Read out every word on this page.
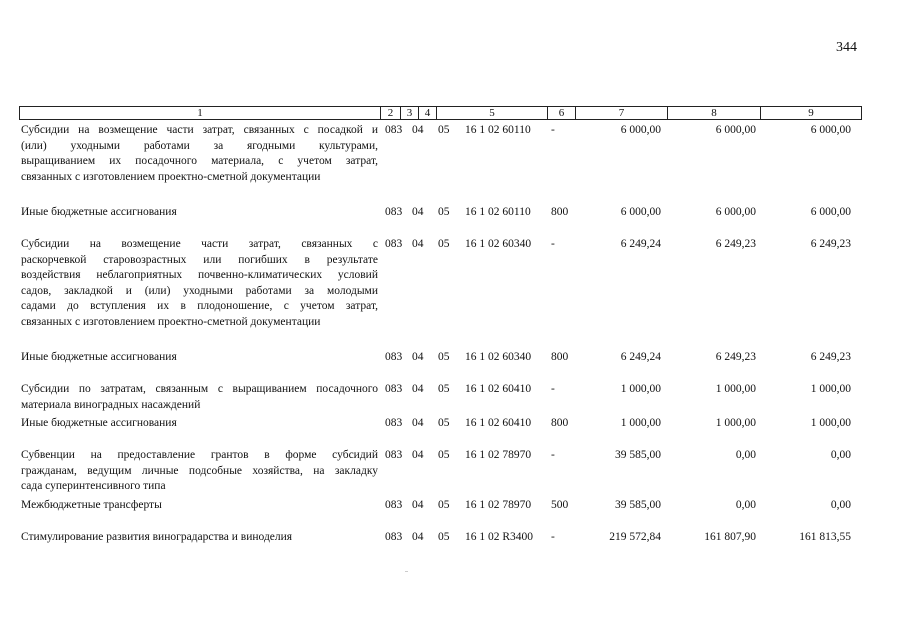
344
1	2	3	4	5	6	7	8	9
Субсидии на возмещение части затрат, связанных с посадкой и
(или) уходными работами за ягодными культурами,
выращиванием их посадочного материала, с учетом затрат,
связанных с изготовлением проектно-сметной документации
083 04 05 16 1 02 60110 -	6 000,00	6 000,00	6 000,00
Иные бюджетные ассигнования	083 04 05 16 1 02 60110 800	6 000,00	6 000,00	6 000,00
Субсидии на возмещение части затрат, связанных с
раскорчевкой старовозрастных или погибших в результате
воздействия неблагоприятных почвенно-климатических условий
садов, закладкой и (или) уходными работами за молодыми
садами до вступления их в плодоношение, с учетом затрат,
связанных с изготовлением проектно-сметной документации
083 04 05 16 1 02 60340 -	6 249,24	6 249,23	6 249,23
Иные бюджетные ассигнования	083 04 05 16 1 02 60340 800	6 249,24	6 249,23	6 249,23
Субсидии по затратам, связанным с выращиванием посадочного
материала виноградных насаждений
083 04 05 16 1 02 60410 -	1 000,00	1 000,00	1 000,00
Иные бюджетные ассигнования	083 04 05 16 1 02 60410 800	1 000,00	1 000,00	1 000,00
Субвенции на предоставление грантов в форме субсидий
гражданам, ведущим личные подсобные хозяйства, на закладку
сада суперинтенсивного типа
083 04 05 16 1 02 78970 -	39 585,00	0,00	0,00
Межбюджетные трансферты	083 04 05 16 1 02 78970 500	39 585,00	0,00	0,00
Стимулирование развития виноградарства и виноделия	083 04 05 16 1 02 R3400 -	219 572,84	161 807,90	161 813,55
